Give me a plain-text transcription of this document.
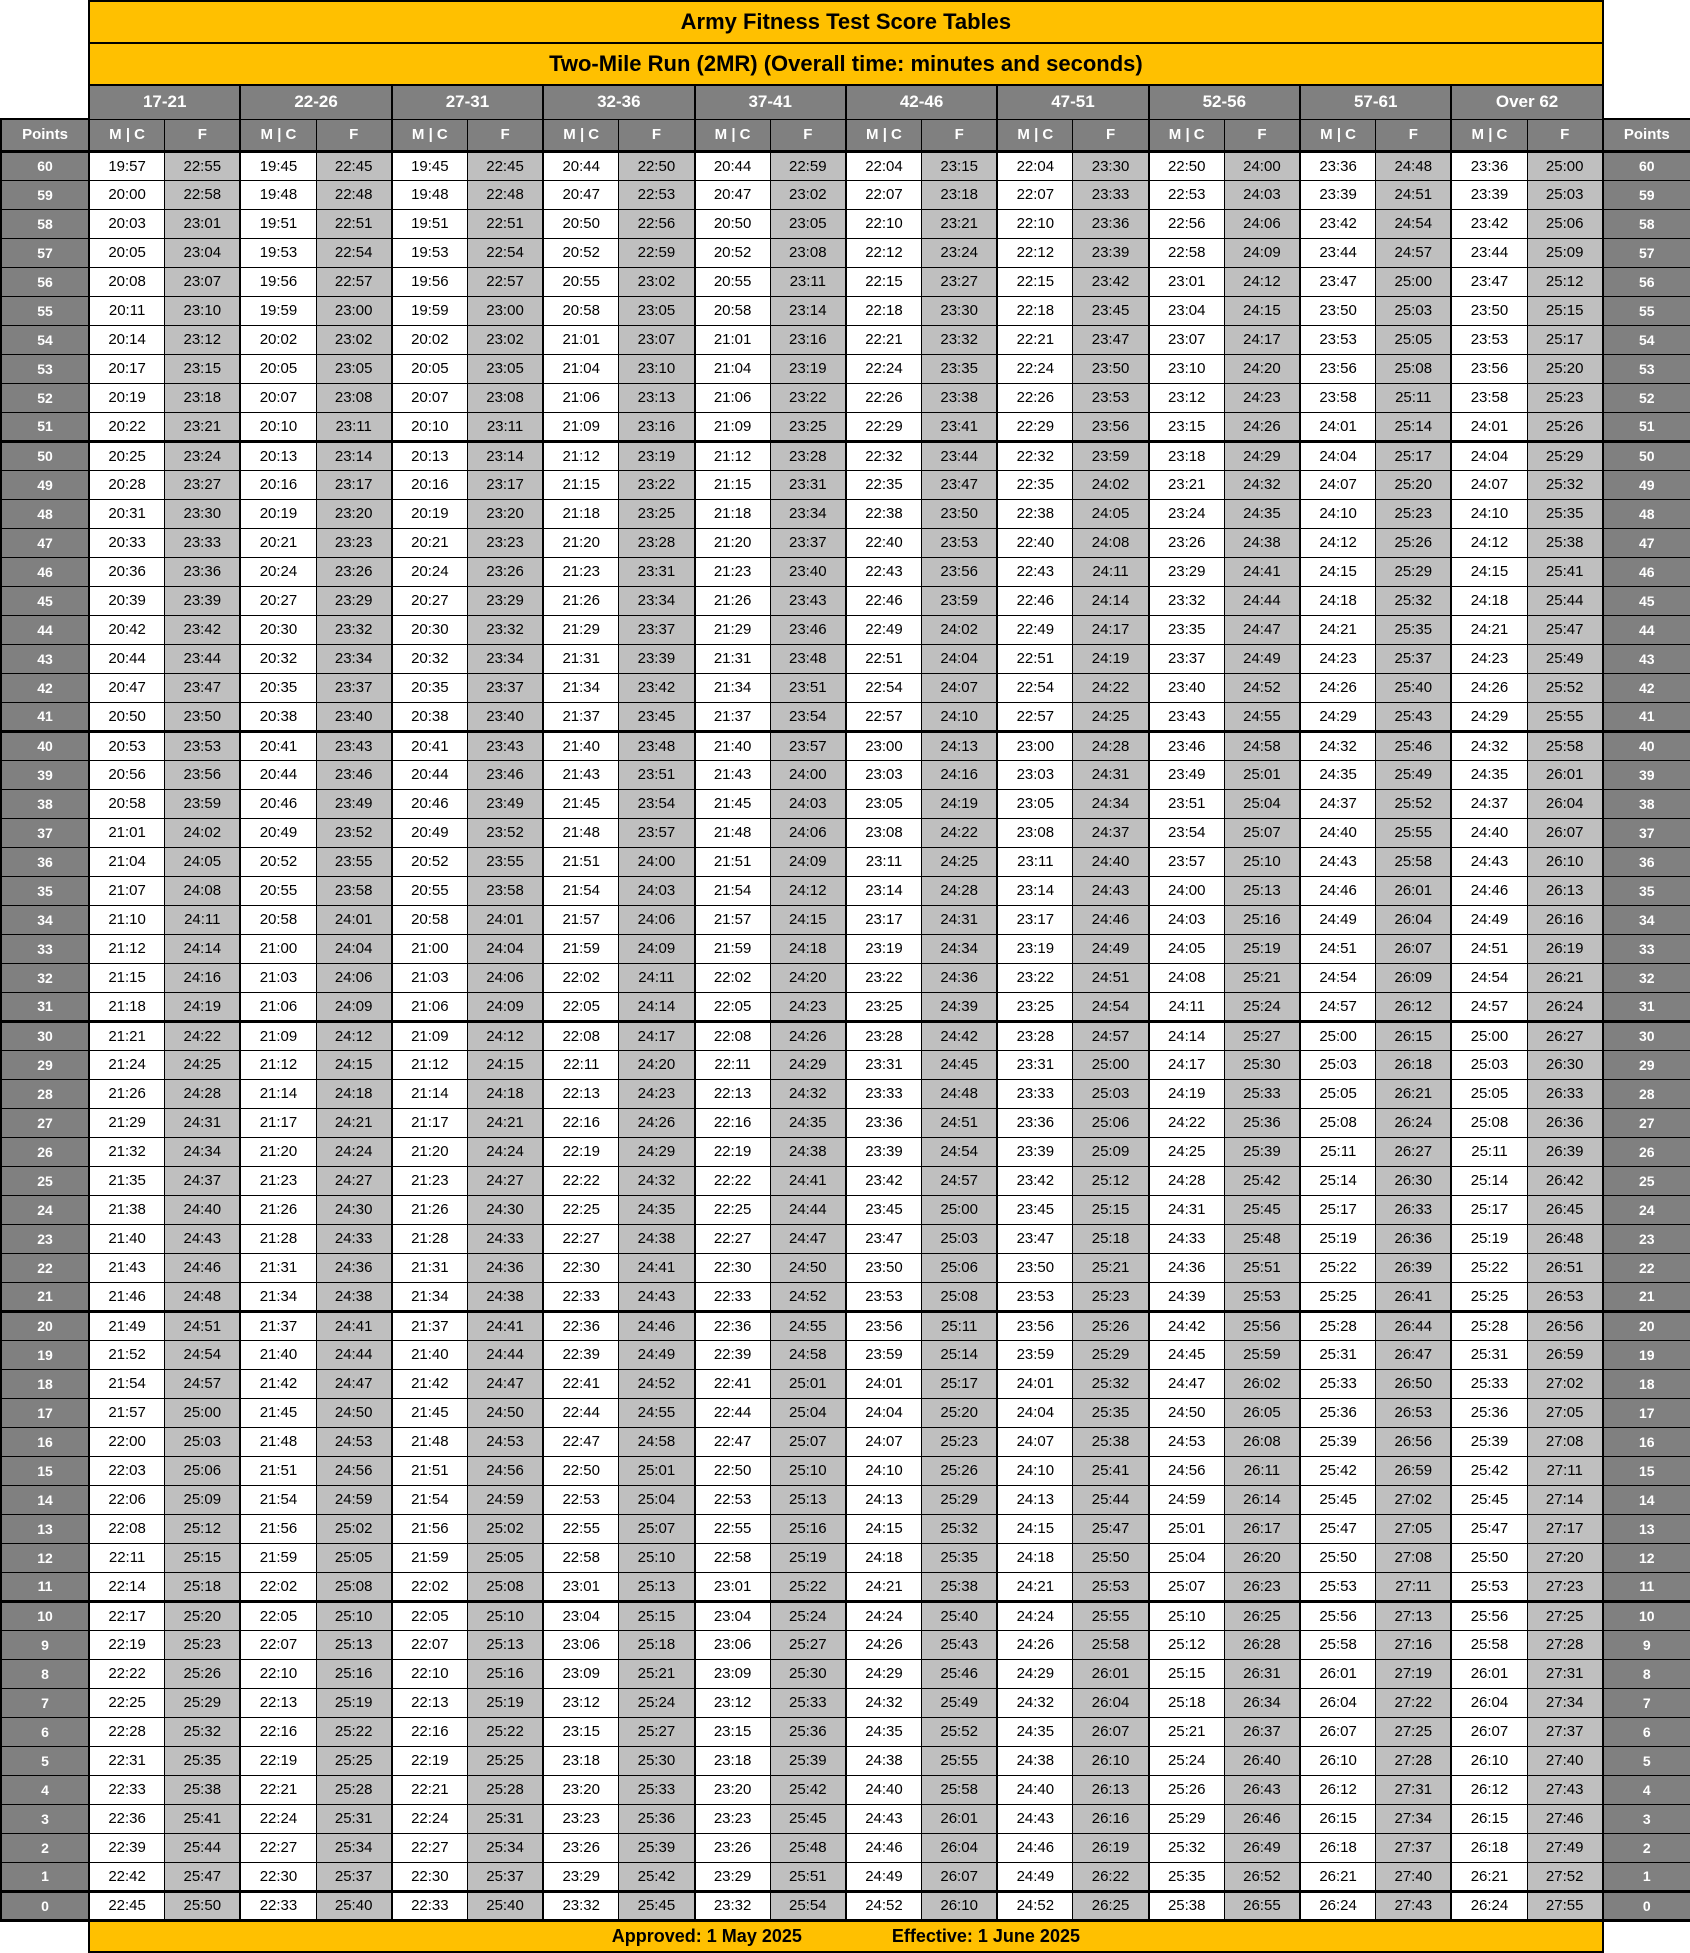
	Army Fitness Test Score Tables																				
	Two-Mile Run (2MR) (Overall time: minutes and seconds)																				
	17-21		22-26		27-31		32-36		37-41		42-46		47-51		52-56		57-61		Over 62		
Points	M | C	F	M | C	F	M | C	F	M | C	F	M | C	F	M | C	F	M | C	F	M | C	F	M | C	F	M | C	F	Points
60	19:57	22:55	19:45	22:45	19:45	22:45	20:44	22:50	20:44	22:59	22:04	23:15	22:04	23:30	22:50	24:00	23:36	24:48	23:36	25:00	60
59	20:00	22:58	19:48	22:48	19:48	22:48	20:47	22:53	20:47	23:02	22:07	23:18	22:07	23:33	22:53	24:03	23:39	24:51	23:39	25:03	59
58	20:03	23:01	19:51	22:51	19:51	22:51	20:50	22:56	20:50	23:05	22:10	23:21	22:10	23:36	22:56	24:06	23:42	24:54	23:42	25:06	58
57	20:05	23:04	19:53	22:54	19:53	22:54	20:52	22:59	20:52	23:08	22:12	23:24	22:12	23:39	22:58	24:09	23:44	24:57	23:44	25:09	57
56	20:08	23:07	19:56	22:57	19:56	22:57	20:55	23:02	20:55	23:11	22:15	23:27	22:15	23:42	23:01	24:12	23:47	25:00	23:47	25:12	56
55	20:11	23:10	19:59	23:00	19:59	23:00	20:58	23:05	20:58	23:14	22:18	23:30	22:18	23:45	23:04	24:15	23:50	25:03	23:50	25:15	55
54	20:14	23:12	20:02	23:02	20:02	23:02	21:01	23:07	21:01	23:16	22:21	23:32	22:21	23:47	23:07	24:17	23:53	25:05	23:53	25:17	54
53	20:17	23:15	20:05	23:05	20:05	23:05	21:04	23:10	21:04	23:19	22:24	23:35	22:24	23:50	23:10	24:20	23:56	25:08	23:56	25:20	53
52	20:19	23:18	20:07	23:08	20:07	23:08	21:06	23:13	21:06	23:22	22:26	23:38	22:26	23:53	23:12	24:23	23:58	25:11	23:58	25:23	52
51	20:22	23:21	20:10	23:11	20:10	23:11	21:09	23:16	21:09	23:25	22:29	23:41	22:29	23:56	23:15	24:26	24:01	25:14	24:01	25:26	51
50	20:25	23:24	20:13	23:14	20:13	23:14	21:12	23:19	21:12	23:28	22:32	23:44	22:32	23:59	23:18	24:29	24:04	25:17	24:04	25:29	50
49	20:28	23:27	20:16	23:17	20:16	23:17	21:15	23:22	21:15	23:31	22:35	23:47	22:35	24:02	23:21	24:32	24:07	25:20	24:07	25:32	49
48	20:31	23:30	20:19	23:20	20:19	23:20	21:18	23:25	21:18	23:34	22:38	23:50	22:38	24:05	23:24	24:35	24:10	25:23	24:10	25:35	48
47	20:33	23:33	20:21	23:23	20:21	23:23	21:20	23:28	21:20	23:37	22:40	23:53	22:40	24:08	23:26	24:38	24:12	25:26	24:12	25:38	47
46	20:36	23:36	20:24	23:26	20:24	23:26	21:23	23:31	21:23	23:40	22:43	23:56	22:43	24:11	23:29	24:41	24:15	25:29	24:15	25:41	46
45	20:39	23:39	20:27	23:29	20:27	23:29	21:26	23:34	21:26	23:43	22:46	23:59	22:46	24:14	23:32	24:44	24:18	25:32	24:18	25:44	45
44	20:42	23:42	20:30	23:32	20:30	23:32	21:29	23:37	21:29	23:46	22:49	24:02	22:49	24:17	23:35	24:47	24:21	25:35	24:21	25:47	44
43	20:44	23:44	20:32	23:34	20:32	23:34	21:31	23:39	21:31	23:48	22:51	24:04	22:51	24:19	23:37	24:49	24:23	25:37	24:23	25:49	43
42	20:47	23:47	20:35	23:37	20:35	23:37	21:34	23:42	21:34	23:51	22:54	24:07	22:54	24:22	23:40	24:52	24:26	25:40	24:26	25:52	42
41	20:50	23:50	20:38	23:40	20:38	23:40	21:37	23:45	21:37	23:54	22:57	24:10	22:57	24:25	23:43	24:55	24:29	25:43	24:29	25:55	41
40	20:53	23:53	20:41	23:43	20:41	23:43	21:40	23:48	21:40	23:57	23:00	24:13	23:00	24:28	23:46	24:58	24:32	25:46	24:32	25:58	40
39	20:56	23:56	20:44	23:46	20:44	23:46	21:43	23:51	21:43	24:00	23:03	24:16	23:03	24:31	23:49	25:01	24:35	25:49	24:35	26:01	39
38	20:58	23:59	20:46	23:49	20:46	23:49	21:45	23:54	21:45	24:03	23:05	24:19	23:05	24:34	23:51	25:04	24:37	25:52	24:37	26:04	38
37	21:01	24:02	20:49	23:52	20:49	23:52	21:48	23:57	21:48	24:06	23:08	24:22	23:08	24:37	23:54	25:07	24:40	25:55	24:40	26:07	37
36	21:04	24:05	20:52	23:55	20:52	23:55	21:51	24:00	21:51	24:09	23:11	24:25	23:11	24:40	23:57	25:10	24:43	25:58	24:43	26:10	36
35	21:07	24:08	20:55	23:58	20:55	23:58	21:54	24:03	21:54	24:12	23:14	24:28	23:14	24:43	24:00	25:13	24:46	26:01	24:46	26:13	35
34	21:10	24:11	20:58	24:01	20:58	24:01	21:57	24:06	21:57	24:15	23:17	24:31	23:17	24:46	24:03	25:16	24:49	26:04	24:49	26:16	34
33	21:12	24:14	21:00	24:04	21:00	24:04	21:59	24:09	21:59	24:18	23:19	24:34	23:19	24:49	24:05	25:19	24:51	26:07	24:51	26:19	33
32	21:15	24:16	21:03	24:06	21:03	24:06	22:02	24:11	22:02	24:20	23:22	24:36	23:22	24:51	24:08	25:21	24:54	26:09	24:54	26:21	32
31	21:18	24:19	21:06	24:09	21:06	24:09	22:05	24:14	22:05	24:23	23:25	24:39	23:25	24:54	24:11	25:24	24:57	26:12	24:57	26:24	31
30	21:21	24:22	21:09	24:12	21:09	24:12	22:08	24:17	22:08	24:26	23:28	24:42	23:28	24:57	24:14	25:27	25:00	26:15	25:00	26:27	30
29	21:24	24:25	21:12	24:15	21:12	24:15	22:11	24:20	22:11	24:29	23:31	24:45	23:31	25:00	24:17	25:30	25:03	26:18	25:03	26:30	29
28	21:26	24:28	21:14	24:18	21:14	24:18	22:13	24:23	22:13	24:32	23:33	24:48	23:33	25:03	24:19	25:33	25:05	26:21	25:05	26:33	28
27	21:29	24:31	21:17	24:21	21:17	24:21	22:16	24:26	22:16	24:35	23:36	24:51	23:36	25:06	24:22	25:36	25:08	26:24	25:08	26:36	27
26	21:32	24:34	21:20	24:24	21:20	24:24	22:19	24:29	22:19	24:38	23:39	24:54	23:39	25:09	24:25	25:39	25:11	26:27	25:11	26:39	26
25	21:35	24:37	21:23	24:27	21:23	24:27	22:22	24:32	22:22	24:41	23:42	24:57	23:42	25:12	24:28	25:42	25:14	26:30	25:14	26:42	25
24	21:38	24:40	21:26	24:30	21:26	24:30	22:25	24:35	22:25	24:44	23:45	25:00	23:45	25:15	24:31	25:45	25:17	26:33	25:17	26:45	24
23	21:40	24:43	21:28	24:33	21:28	24:33	22:27	24:38	22:27	24:47	23:47	25:03	23:47	25:18	24:33	25:48	25:19	26:36	25:19	26:48	23
22	21:43	24:46	21:31	24:36	21:31	24:36	22:30	24:41	22:30	24:50	23:50	25:06	23:50	25:21	24:36	25:51	25:22	26:39	25:22	26:51	22
21	21:46	24:48	21:34	24:38	21:34	24:38	22:33	24:43	22:33	24:52	23:53	25:08	23:53	25:23	24:39	25:53	25:25	26:41	25:25	26:53	21
20	21:49	24:51	21:37	24:41	21:37	24:41	22:36	24:46	22:36	24:55	23:56	25:11	23:56	25:26	24:42	25:56	25:28	26:44	25:28	26:56	20
19	21:52	24:54	21:40	24:44	21:40	24:44	22:39	24:49	22:39	24:58	23:59	25:14	23:59	25:29	24:45	25:59	25:31	26:47	25:31	26:59	19
18	21:54	24:57	21:42	24:47	21:42	24:47	22:41	24:52	22:41	25:01	24:01	25:17	24:01	25:32	24:47	26:02	25:33	26:50	25:33	27:02	18
17	21:57	25:00	21:45	24:50	21:45	24:50	22:44	24:55	22:44	25:04	24:04	25:20	24:04	25:35	24:50	26:05	25:36	26:53	25:36	27:05	17
16	22:00	25:03	21:48	24:53	21:48	24:53	22:47	24:58	22:47	25:07	24:07	25:23	24:07	25:38	24:53	26:08	25:39	26:56	25:39	27:08	16
15	22:03	25:06	21:51	24:56	21:51	24:56	22:50	25:01	22:50	25:10	24:10	25:26	24:10	25:41	24:56	26:11	25:42	26:59	25:42	27:11	15
14	22:06	25:09	21:54	24:59	21:54	24:59	22:53	25:04	22:53	25:13	24:13	25:29	24:13	25:44	24:59	26:14	25:45	27:02	25:45	27:14	14
13	22:08	25:12	21:56	25:02	21:56	25:02	22:55	25:07	22:55	25:16	24:15	25:32	24:15	25:47	25:01	26:17	25:47	27:05	25:47	27:17	13
12	22:11	25:15	21:59	25:05	21:59	25:05	22:58	25:10	22:58	25:19	24:18	25:35	24:18	25:50	25:04	26:20	25:50	27:08	25:50	27:20	12
11	22:14	25:18	22:02	25:08	22:02	25:08	23:01	25:13	23:01	25:22	24:21	25:38	24:21	25:53	25:07	26:23	25:53	27:11	25:53	27:23	11
10	22:17	25:20	22:05	25:10	22:05	25:10	23:04	25:15	23:04	25:24	24:24	25:40	24:24	25:55	25:10	26:25	25:56	27:13	25:56	27:25	10
9	22:19	25:23	22:07	25:13	22:07	25:13	23:06	25:18	23:06	25:27	24:26	25:43	24:26	25:58	25:12	26:28	25:58	27:16	25:58	27:28	9
8	22:22	25:26	22:10	25:16	22:10	25:16	23:09	25:21	23:09	25:30	24:29	25:46	24:29	26:01	25:15	26:31	26:01	27:19	26:01	27:31	8
7	22:25	25:29	22:13	25:19	22:13	25:19	23:12	25:24	23:12	25:33	24:32	25:49	24:32	26:04	25:18	26:34	26:04	27:22	26:04	27:34	7
6	22:28	25:32	22:16	25:22	22:16	25:22	23:15	25:27	23:15	25:36	24:35	25:52	24:35	26:07	25:21	26:37	26:07	27:25	26:07	27:37	6
5	22:31	25:35	22:19	25:25	22:19	25:25	23:18	25:30	23:18	25:39	24:38	25:55	24:38	26:10	25:24	26:40	26:10	27:28	26:10	27:40	5
4	22:33	25:38	22:21	25:28	22:21	25:28	23:20	25:33	23:20	25:42	24:40	25:58	24:40	26:13	25:26	26:43	26:12	27:31	26:12	27:43	4
3	22:36	25:41	22:24	25:31	22:24	25:31	23:23	25:36	23:23	25:45	24:43	26:01	24:43	26:16	25:29	26:46	26:15	27:34	26:15	27:46	3
2	22:39	25:44	22:27	25:34	22:27	25:34	23:26	25:39	23:26	25:48	24:46	26:04	24:46	26:19	25:32	26:49	26:18	27:37	26:18	27:49	2
1	22:42	25:47	22:30	25:37	22:30	25:37	23:29	25:42	23:29	25:51	24:49	26:07	24:49	26:22	25:35	26:52	26:21	27:40	26:21	27:52	1
0	22:45	25:50	22:33	25:40	22:33	25:40	23:32	25:45	23:32	25:54	24:52	26:10	24:52	26:25	25:38	26:55	26:24	27:43	26:24	27:55	0

	Approved: 1 May 2025 Effective: 1 June 2025																				
